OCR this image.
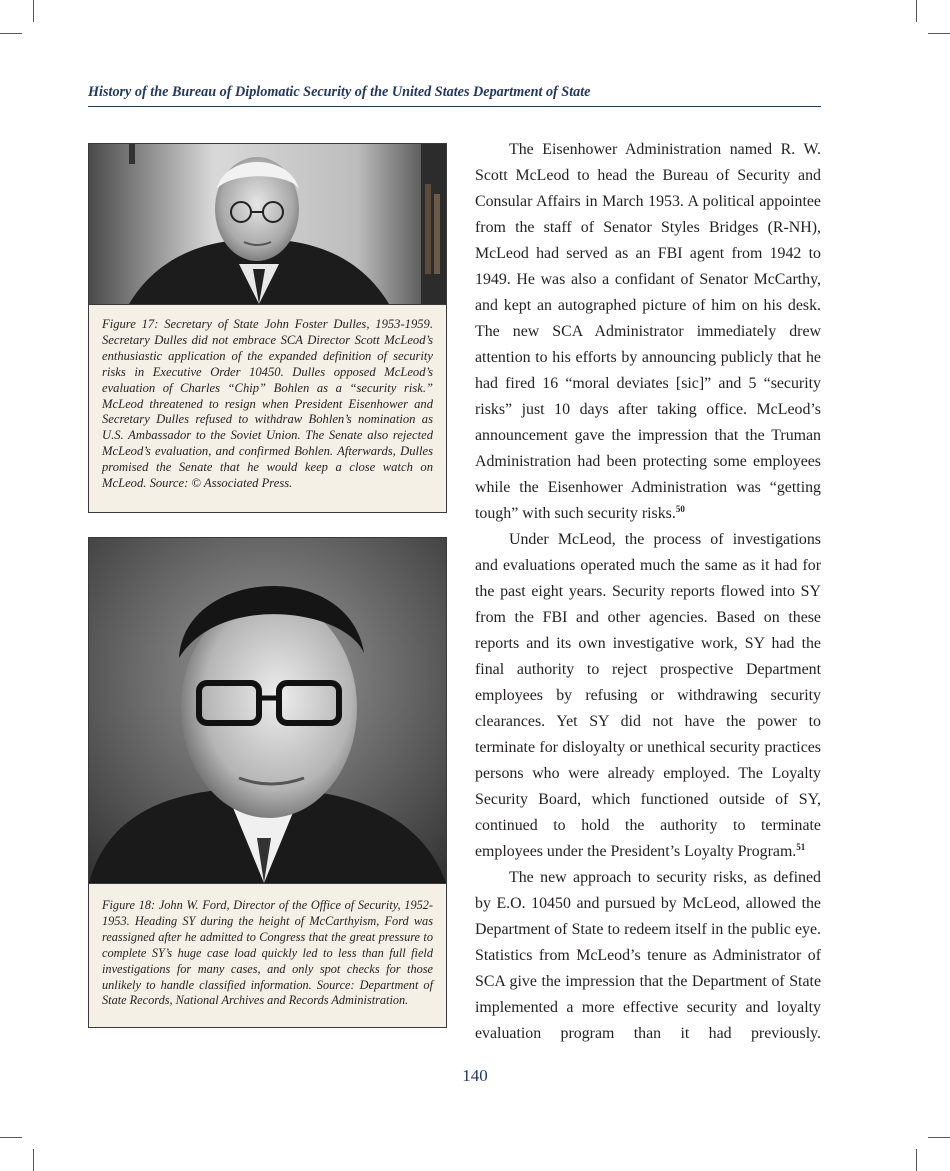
History of the Bureau of Diplomatic Security of the United States Department of State
Figure 17: Secretary of State John Foster Dulles, 1953-1959. Secretary Dulles did not embrace SCA Director Scott McLeod’s enthusiastic application of the expanded definition of security risks in Executive Order 10450. Dulles opposed McLeod’s evaluation of Charles “Chip” Bohlen as a “security risk.” McLeod threatened to resign when President Eisenhower and Secretary Dulles refused to withdraw Bohlen’s nomination as U.S. Ambassador to the Soviet Union. The Senate also rejected McLeod’s evaluation, and confirmed Bohlen. Afterwards, Dulles promised the Senate that he would keep a close watch on McLeod. Source: © Associated Press.
Figure 18: John W. Ford, Director of the Office of Security, 1952-1953. Heading SY during the height of McCarthyism, Ford was reassigned after he admitted to Congress that the great pressure to complete SY’s huge case load quickly led to less than full field investigations for many cases, and only spot checks for those unlikely to handle classified information. Source: Department of State Records, National Archives and Records Administration.

The Eisenhower Administration named R. W. Scott McLeod to head the Bureau of Security and Consular Affairs in March 1953. A political appointee from the staff of Senator Styles Bridges (R-NH), McLeod had served as an FBI agent from 1942 to 1949. He was also a confidant of Senator McCarthy, and kept an autographed picture of him on his desk. The new SCA Administrator immediately drew attention to his efforts by announcing publicly that he had fired 16 “moral deviates [sic]” and 5 “security risks” just 10 days after taking office. McLeod’s announcement gave the impression that the Truman Administration had been protecting some employees while the Eisenhower Administration was “getting tough” with such security risks.$^{50}$

Under McLeod, the process of investigations and evaluations operated much the same as it had for the past eight years. Security reports flowed into SY from the FBI and other agencies. Based on these reports and its own investigative work, SY had the final authority to reject prospective Department employees by refusing or withdrawing security clearances. Yet SY did not have the power to terminate for disloyalty or unethical security practices persons who were already employed. The Loyalty Security Board, which functioned outside of SY, continued to hold the authority to terminate employees under the President’s Loyalty Program.$^{51}$

The new approach to security risks, as defined by E.O. 10450 and pursued by McLeod, allowed the Department of State to redeem itself in the public eye. Statistics from McLeod’s tenure as Administrator of SCA give the impression that the Department of State implemented a more effective security and loyalty evaluation program than it had previously.

140
